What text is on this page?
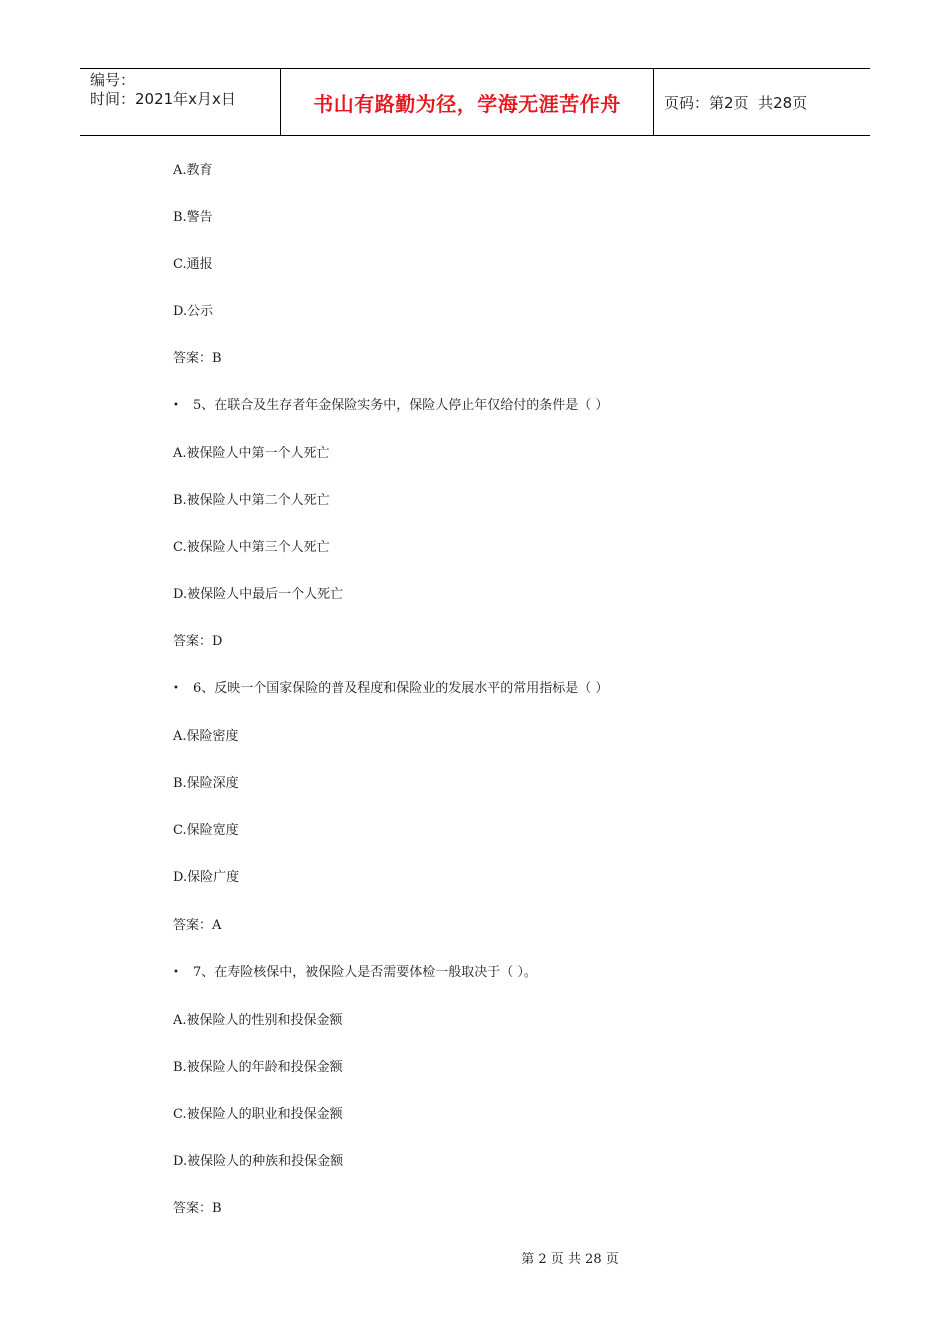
编号：
时间：2021年x月x日	书山有路勤为径，学海无涯苦作舟	页码：第2页  共28页
A.教育
B.警告
C.通报
D.公示
答案：B
• 5、在联合及生存者年金保险实务中，保险人停止年仅给付的条件是（ ）
A.被保险人中第一个人死亡
B.被保险人中第二个人死亡
C.被保险人中第三个人死亡
D.被保险人中最后一个人死亡
答案：D
• 6、反映一个国家保险的普及程度和保险业的发展水平的常用指标是（ ）
A.保险密度
B.保险深度
C.保险宽度
D.保险广度
答案：A
• 7、在寿险核保中，被保险人是否需要体检一般取决于（ ）。
A.被保险人的性别和投保金额
B.被保险人的年龄和投保金额
C.被保险人的职业和投保金额
D.被保险人的种族和投保金额
答案：B
第 2 页 共 28 页
